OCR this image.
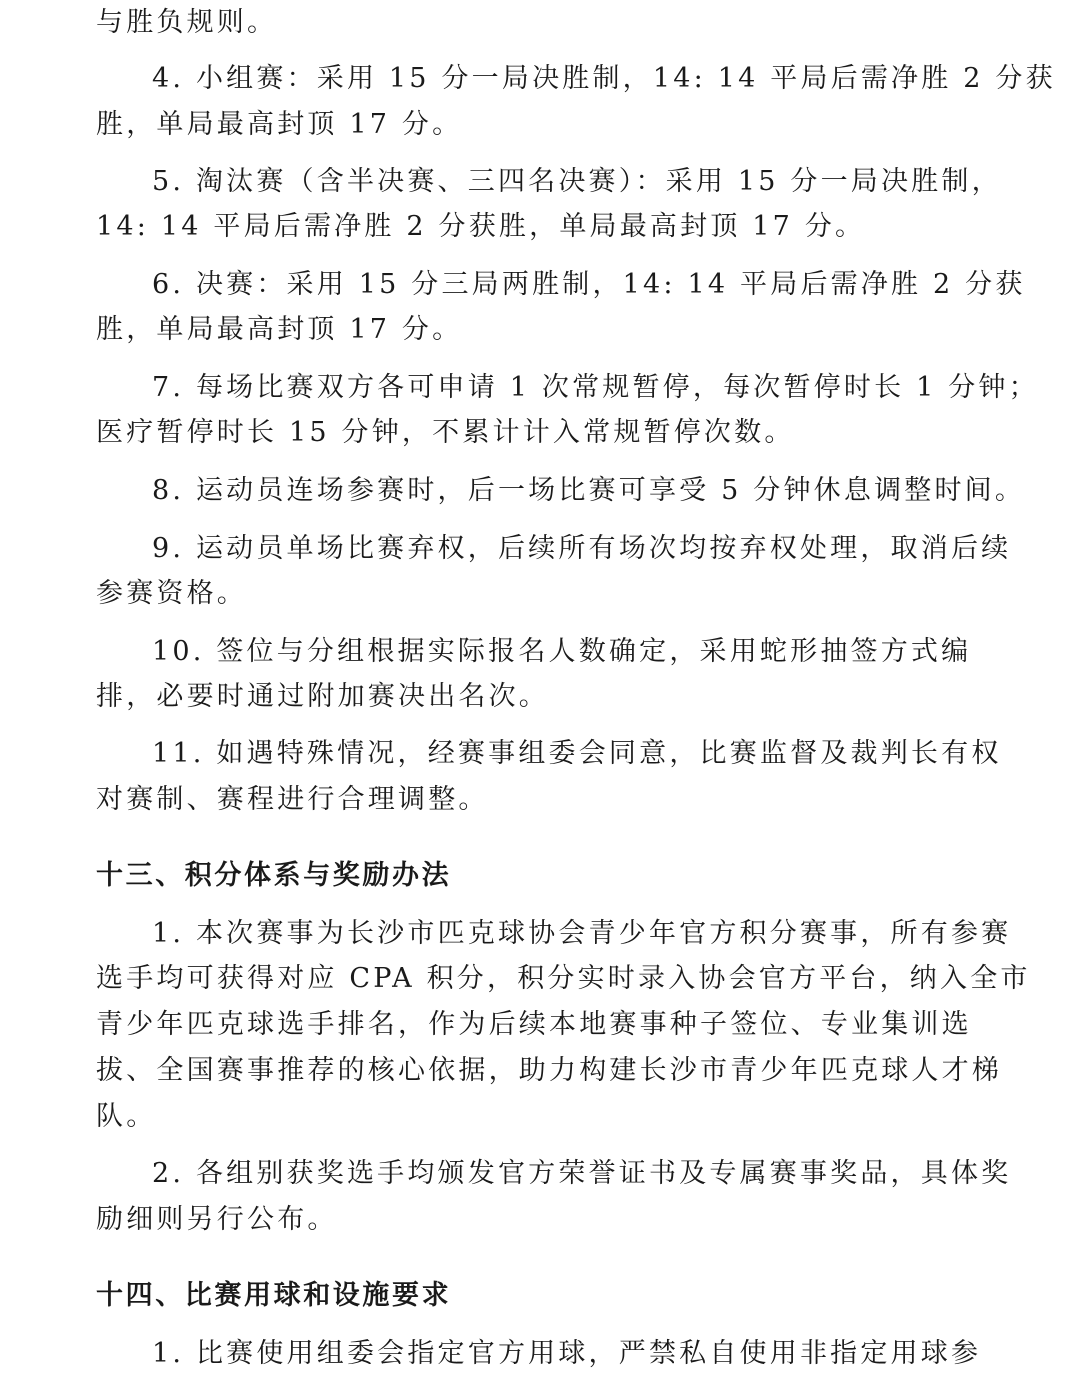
与胜负规则。
4. 小组赛：采用 15 分一局决胜制，14: 14 平局后需净胜 2 分获
胜，单局最高封顶 17 分。
5. 淘汰赛（含半决赛、三四名决赛）：采用 15 分一局决胜制，
14: 14 平局后需净胜 2 分获胜，单局最高封顶 17 分。
6. 决赛：采用 15 分三局两胜制，14: 14 平局后需净胜 2 分获
胜，单局最高封顶 17 分。
7. 每场比赛双方各可申请 1 次常规暂停，每次暂停时长 1 分钟；
医疗暂停时长 15 分钟，不累计计入常规暂停次数。
8. 运动员连场参赛时，后一场比赛可享受 5 分钟休息调整时间。
9. 运动员单场比赛弃权，后续所有场次均按弃权处理，取消后续
参赛资格。
10. 签位与分组根据实际报名人数确定，采用蛇形抽签方式编
排，必要时通过附加赛决出名次。
11. 如遇特殊情况，经赛事组委会同意，比赛监督及裁判长有权
对赛制、赛程进行合理调整。
十三、积分体系与奖励办法
1. 本次赛事为长沙市匹克球协会青少年官方积分赛事，所有参赛
选手均可获得对应 CPA 积分，积分实时录入协会官方平台，纳入全市
青少年匹克球选手排名，作为后续本地赛事种子签位、专业集训选
拔、全国赛事推荐的核心依据，助力构建长沙市青少年匹克球人才梯
队。
2. 各组别获奖选手均颁发官方荣誉证书及专属赛事奖品，具体奖
励细则另行公布。
十四、比赛用球和设施要求
1. 比赛使用组委会指定官方用球，严禁私自使用非指定用球参
